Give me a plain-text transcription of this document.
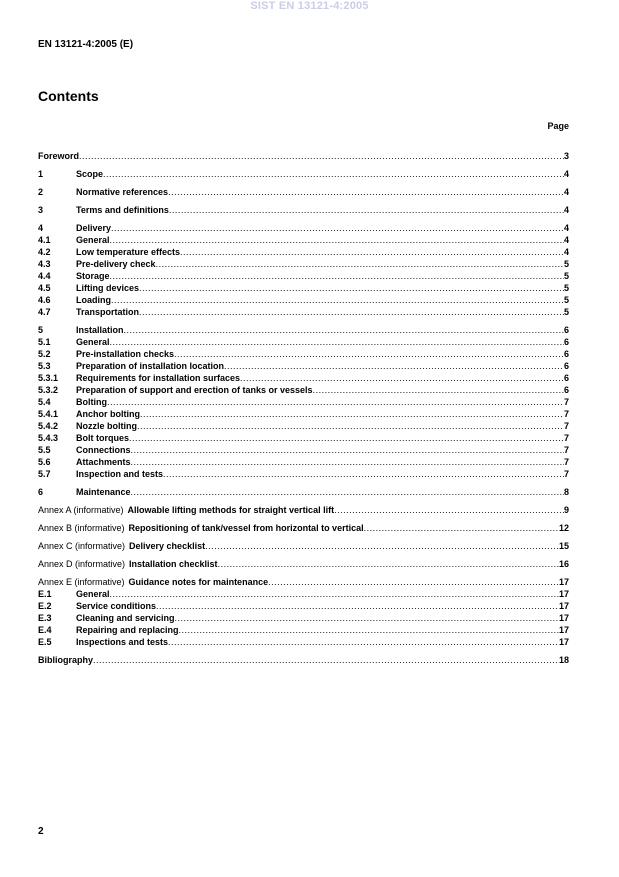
SIST EN 13121-4:2005
EN 13121-4:2005 (E)
Contents
Page
Foreword .....	3
1	Scope .....	4
2	Normative references .....	4
3	Terms and definitions .....	4
4	Delivery .....	4
4.1	General .....	4
4.2	Low temperature effects .....	4
4.3	Pre-delivery check .....	5
4.4	Storage .....	5
4.5	Lifting devices .....	5
4.6	Loading .....	5
4.7	Transportation .....	5
5	Installation .....	6
5.1	General .....	6
5.2	Pre-installation checks .....	6
5.3	Preparation of installation location .....	6
5.3.1	Requirements for installation surfaces .....	6
5.3.2	Preparation of support and erection of tanks or vessels .....	6
5.4	Bolting .....	7
5.4.1	Anchor bolting .....	7
5.4.2	Nozzle bolting .....	7
5.4.3	Bolt torques .....	7
5.5	Connections .....	7
5.6	Attachments .....	7
5.7	Inspection and tests .....	7
6	Maintenance .....	8
Annex A (informative) Allowable lifting methods for straight vertical lift .....	9
Annex B (informative) Repositioning of tank/vessel from horizontal to vertical .....	12
Annex C (informative) Delivery checklist .....	15
Annex D (informative) Installation checklist .....	16
Annex E (informative) Guidance notes for maintenance .....	17
E.1	General .....	17
E.2	Service conditions .....	17
E.3	Cleaning and servicing .....	17
E.4	Repairing and replacing .....	17
E.5	Inspections and tests .....	17
Bibliography .....	18
2
